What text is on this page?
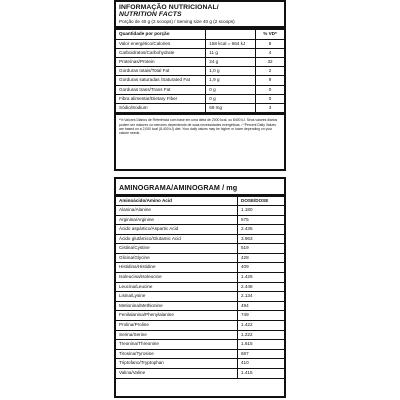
INFORMAÇÃO NUTRICIONAL/
NUTRITION FACTS
Porção de 40 g (2 scoops) / Serving size 40 g (2 scoops)
Quantidade por porção		% VD*
Valor energético/Calories	158 kcal = 664 kJ	8
Carboidratos/Carbohydrate	11 g	4
Proteínas/Protein	24 g	32
Gorduras totais/Total Fat	1,0 g	2
Gorduras saturadas /Saturated Fat	1,9 g	9
Gorduras trans/Trans Fat	0 g	0
Fibra alimentar/Dietary Fiber	0 g	0
Sódio/Sodium	69 mg	3
*% Valores Diários de Referência com base em uma dieta de 2000 kcal, ou 8400 kJ. Seus valores diários podem ser maiores ou menores dependendo de suas necessidades energéticas. / *Percent Daily Values are based on a 2,000 kcal (8,400 kJ) diet. Your daily values may be higher or lower depending on your calorie needs.
AMINOGRAMA/AMINOGRAM / mg
Aminoácido/Amino Acid	DOSE/DOSE
Alanina/Alanine	1.180
Arginina/Arginine	575
Ácido aspártico/Aspartic Acid	2.435
Ácido glutâmico/Glutamic Acid	3.963
Cistina/Cystine	519
Glicina/Glycine	428
Histidina/Histidine	409
Isoleucina/Isoleucine	1.426
Leucina/Leucine	2.448
Lisina/Lysine	2.134
Metionina/Methionine	494
Fenilalanina/Phenylalanine	749
Prolina/Proline	1.422
Serina/Serine	1.222
Treonina/Threonine	1.615
Tirosina/Tyrosine	687
Triptofano/Tryptophan	410
Valina/Valine	1.415
